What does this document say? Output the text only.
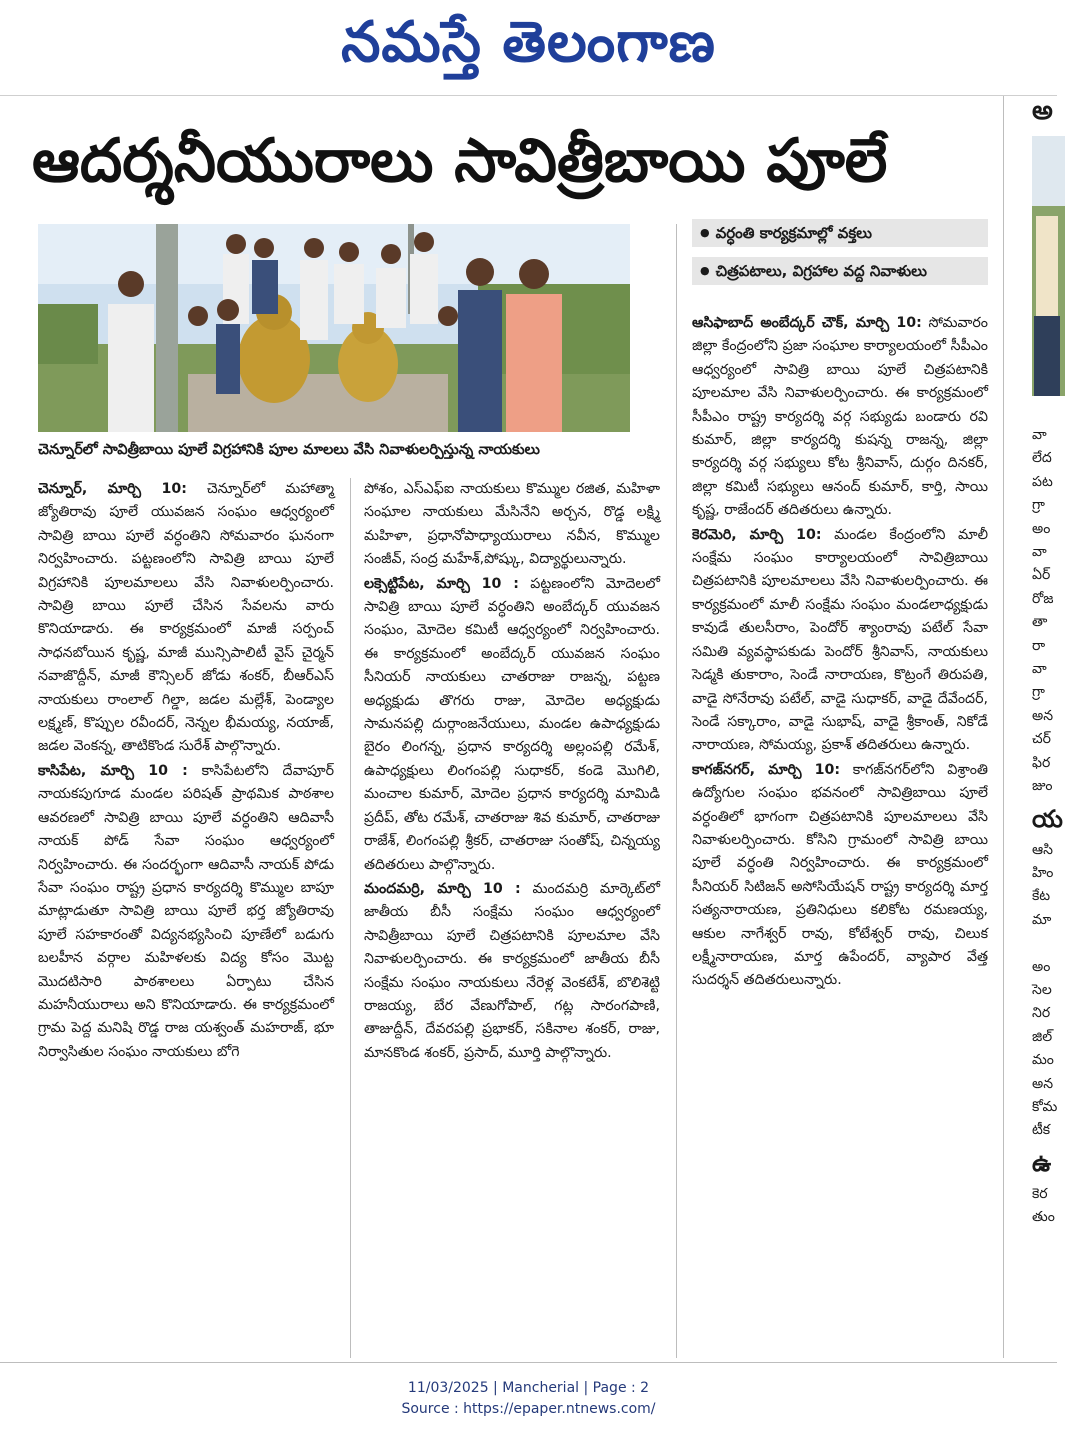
నమస్తే తెలంగాణ
ఆదర్శనీయురాలు సావిత్రీబాయి పూలే
చెన్నూర్‌లో సావిత్రీబాయి పూలే విగ్రహానికి పూల మాలలు వేసి నివాళులర్పిస్తున్న నాయకులు
● వర్ధంతి కార్యక్రమాల్లో వక్తలు
● చిత్రపటాలు, విగ్రహాల వద్ద నివాళులు

పోశం, ఎస్ఎఫ్ఐ నాయకులు కొమ్ముల రజిత, మహిళా సంఘాల నాయకులు మేసినేని అర్చన, రొడ్డ లక్ష్మి మహిళా, ప్రధానోపాధ్యాయురాలు నవీన, కొమ్ముల సంజీవ్, సంద్ర మహేశ్,పోష్కు, విద్యార్థులున్నారు.

లక్సెట్టిపేట, మార్చి 10 : పట్టణంలోని మోదెలలో సావిత్రి బాయి పూలే వర్ధంతిని అంబేద్కర్ యువజన సంఘం, మోదెల కమిటీ ఆధ్వర్యంలో నిర్వహించారు. ఈ కార్యక్రమంలో అంబేద్కర్ యువజన సంఘం సీనియర్ నాయకులు చాతరాజు రాజన్న, పట్టణ అధ్యక్షుడు తొగరు రాజు, మోదెల అధ్యక్షుడు సామనపల్లి దుర్గాంజనేయులు, మండల ఉపాధ్యక్షుడు బైరం లింగన్న, ప్రధాన కార్యదర్శి అల్లంపల్లి రమేశ్, ఉపాధ్యక్షులు లింగంపల్లి సుధాకర్, కండె మొగిలి, మంచాల కుమార్, మోదెల ప్రధాన కార్యదర్శి మామిడి ప్రదీప్, తోట రమేశ్, చాతరాజు శివ కుమార్, చాతరాజు రాజేశ్, లింగంపల్లి శ్రీకర్, చాతరాజు సంతోష్, చిన్నయ్య తదితరులు పాల్గొన్నారు.

మందమర్రి, మార్చి 10 : మందమర్రి మార్కెట్‌లో జాతీయ బీసీ సంక్షేమ సంఘం ఆధ్వర్యంలో సావిత్రీబాయి పూలే చిత్రపటానికి పూలమాల వేసి నివాళులర్పించారు. ఈ కార్యక్రమంలో జాతీయ బీసీ సంక్షేమ సంఘం నాయకులు నేరెళ్ల వెంకటేశ్, బొలిశెట్టి రాజయ్య, బేర వేణుగోపాల్, గట్ల సారంగపాణి, తాజుద్దీన్, దేవరపల్లి ప్రభాకర్, సకినాల శంకర్, రాజు, మానకొండ శంకర్, ప్రసాద్, మూర్తి పాల్గొన్నారు.

చెన్నూర్, మార్చి 10: చెన్నూర్‌లో మహాత్మా జ్యోతిరావు పూలే యువజన సంఘం ఆధ్వర్యంలో సావిత్రి బాయి పూలే వర్ధంతిని సోమవారం ఘనంగా నిర్వహించారు. పట్టణంలోని సావిత్రి బాయి పూలే విగ్రహానికి పూలమాలలు వేసి నివాళులర్పించారు. సావిత్రి బాయి పూలే చేసిన సేవలను వారు కొనియాడారు. ఈ కార్యక్రమంలో మాజీ సర్పంచ్ సాధనబోయిన కృష్ణ, మాజీ మున్సిపాలిటీ వైస్ చైర్మన్ నవాజొద్దీన్, మాజీ కౌన్సిలర్ జోడు శంకర్, బీఆర్ఎస్ నాయకులు రాంలాల్ గిల్డా, జడల మల్లేశ్, పెండ్యాల లక్ష్మణ్, కొప్పుల రవీందర్, నెన్నల భీమయ్య, నయాజ్, జడల వెంకన్న, తాటికొండ సురేశ్ పాల్గొన్నారు.

కాసిపేట, మార్చి 10 : కాసిపేటలోని దేవాపూర్ నాయకపుగూడ మండల పరిషత్ ప్రాథమిక పాఠశాల ఆవరణలో సావిత్రి బాయి పూలే వర్ధంతిని ఆదివాసీ నాయక్ పోడ్ సేవా సంఘం ఆధ్వర్యంలో నిర్వహించారు. ఈ సందర్భంగా ఆదివాసీ నాయక్ పోడు సేవా సంఘం రాష్ట్ర ప్రధాన కార్యదర్శి కొమ్ముల బాపూ మాట్లాడుతూ సావిత్రి బాయి పూలే భర్త జ్యోతిరావు పూలే సహకారంతో విద్యనభ్యసించి పూణేలో బడుగు బలహీన వర్గాల మహిళలకు విద్య కోసం మొట్ట మొదటిసారి పాఠశాలలు ఏర్పాటు చేసిన మహనీయురాలు అని కొనియాడారు. ఈ కార్యక్రమంలో గ్రామ పెద్ద మనిషి రొడ్డ రాజ యశ్వంత్ మహరాజ్, భూ నిర్వాసితుల సంఘం నాయకులు బోగె

ఆసిఫాబాద్ అంబేద్కర్ చౌక్, మార్చి 10: సోమవారం జిల్లా కేంద్రంలోని ప్రజా సంఘాల కార్యాలయంలో సీపీఎం ఆధ్వర్యంలో సావిత్రి బాయి పూలే చిత్రపటానికి పూలమాల వేసి నివాళులర్పించారు. ఈ కార్యక్రమంలో సీపీఎం రాష్ట్ర కార్యదర్శి వర్గ సభ్యుడు బండారు రవి కుమార్, జిల్లా కార్యదర్శి కుషన్న రాజన్న, జిల్లా కార్యదర్శి వర్గ సభ్యులు కోట శ్రీనివాస్, దుర్గం దినకర్, జిల్లా కమిటీ సభ్యులు ఆనంద్ కుమార్, కార్తి, సాయి కృష్ణ, రాజేందర్ తదితరులు ఉన్నారు.

కెరమెరి, మార్చి 10: మండల కేంద్రంలోని మాలీ సంక్షేమ సంఘం కార్యాలయంలో సావిత్రిబాయి చిత్రపటానికి పూలమాలలు వేసి నివాళులర్పించారు. ఈ కార్యక్రమంలో మాలీ సంక్షేమ సంఘం మండలాధ్యక్షుడు కావుడే తులసీరాం, పెందోర్ శ్యాంరావు పటేల్ సేవా సమితి వ్యవస్థాపకుడు పెందోర్ శ్రీనివాస్, నాయకులు సెడ్మకి తుకారాం, సెండే నారాయణ, కొట్రంగే తిరుపతి, వాడై సోనేరావు పటేల్, వాడై సుధాకర్, వాడై దేవేందర్, సెండే సక్కారాం, వాడై సుభాష్, వాడై శ్రీకాంత్, నికోడే నారాయణ, సోమయ్య, ప్రకాశ్ తదితరులు ఉన్నారు.

కాగజ్‌నగర్, మార్చి 10: కాగజ్‌నగర్‌లోని విశ్రాంతి ఉద్యోగుల సంఘం భవనంలో సావిత్రిబాయి పూలే వర్ధంతిలో భాగంగా చిత్రపటానికి పూలమాలలు వేసి నివాళులర్పించారు. కోసిని గ్రామంలో సావిత్రి బాయి పూలే వర్ధంతి నిర్వహించారు. ఈ కార్యక్రమంలో సీనియర్ సిటిజన్ అసోసియేషన్ రాష్ట్ర కార్యదర్శి మార్త సత్యనారాయణ, ప్రతినిధులు కలికోట రమణయ్య, ఆకుల నాగేశ్వర్ రావు, కోటేశ్వర్ రావు, చిలుక లక్ష్మీనారాయణ, మార్త ఉపేందర్, వ్యాపార వేత్త సుదర్శన్ తదితరులున్నారు.

అ
వా
లేద
పట
గ్రా
అం
వా
ఏర్
రోజ
తా
రా
వా
గ్రా
అన
చర్
ఫిర
జుం
య
ఆసి
హిం
కేట
మా

అం
సెల
నిర
జిల్
మం
అన
కోమ
టీక
ఉ
కెర
తుం
11/03/2025 | Mancherial | Page : 2
Source : https://epaper.ntnews.com/
